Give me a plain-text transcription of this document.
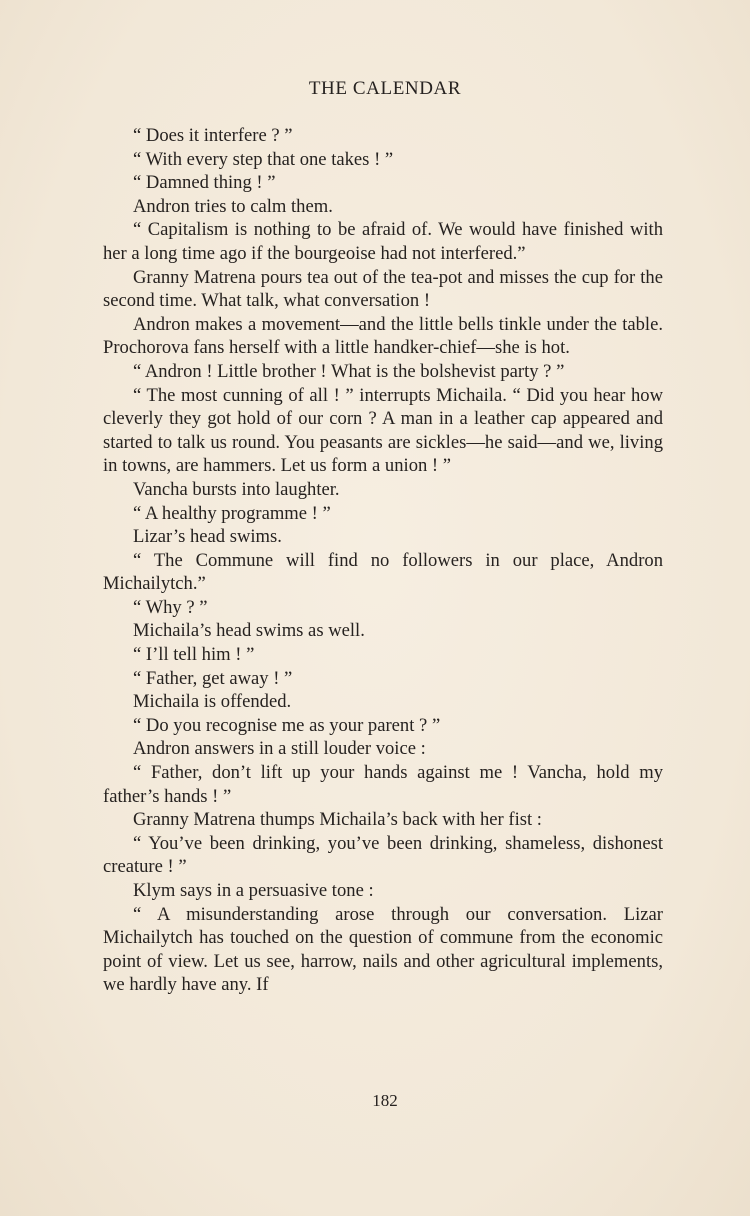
THE CALENDAR

“ Does it interfere ? ”

“ With every step that one takes ! ”

“ Damned thing ! ”

Andron tries to calm them.

“ Capitalism is nothing to be afraid of. We would have finished with her a long time ago if the bourgeoise had not interfered.”

Granny Matrena pours tea out of the tea-pot and misses the cup for the second time. What talk, what conversation !

Andron makes a movement—and the little bells tinkle under the table. Prochorova fans herself with a little handker-chief—she is hot.

“ Andron ! Little brother ! What is the bolshevist party ? ”

“ The most cunning of all ! ” interrupts Michaila. “ Did you hear how cleverly they got hold of our corn ? A man in a leather cap appeared and started to talk us round. You peasants are sickles—he said—and we, living in towns, are hammers. Let us form a union ! ”

Vancha bursts into laughter.

“ A healthy programme ! ”

Lizar’s head swims.

“ The Commune will find no followers in our place, Andron Michailytch.”

“ Why ? ”

Michaila’s head swims as well.

“ I’ll tell him ! ”

“ Father, get away ! ”

Michaila is offended.

“ Do you recognise me as your parent ? ”

Andron answers in a still louder voice :

“ Father, don’t lift up your hands against me ! Vancha, hold my father’s hands ! ”

Granny Matrena thumps Michaila’s back with her fist :

“ You’ve been drinking, you’ve been drinking, shameless, dishonest creature ! ”

Klym says in a persuasive tone :

“ A misunderstanding arose through our conversation. Lizar Michailytch has touched on the question of commune from the economic point of view. Let us see, harrow, nails and other agricultural implements, we hardly have any. If

182
